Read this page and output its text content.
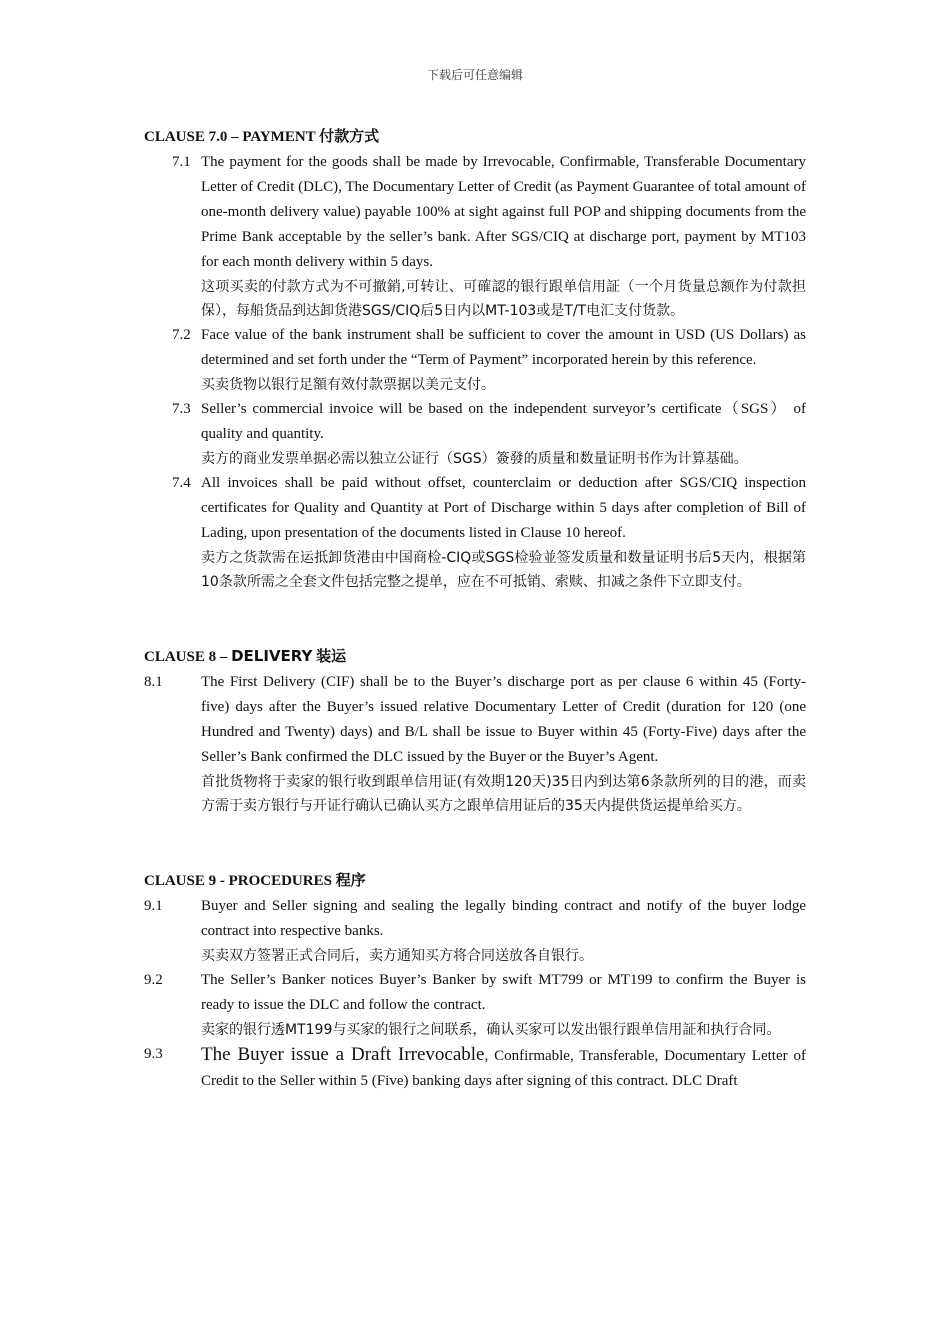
下载后可任意编辑

CLAUSE 7.0 – PAYMENT 付款方式

7.1 The payment for the goods shall be made by Irrevocable, Confirmable, Transferable Documentary Letter of Credit (DLC), The Documentary Letter of Credit (as Payment Guarantee of total amount of one-month delivery value) payable 100% at sight against full POP and shipping documents from the Prime Bank acceptable by the seller’s bank. After SGS/CIQ at discharge port, payment by MT103 for each month delivery within 5 days.

这项买卖的付款方式为不可撤銷,可转让、可確認的银行跟单信用証（一个月货量总额作为付款担保），每船货品到达卸货港SGS/CIQ后5日内以MT-103或是T/T电汇支付货款。

7.2 Face value of the bank instrument shall be sufficient to cover the amount in USD (US Dollars) as determined and set forth under the “Term of Payment” incorporated herein by this reference.

买卖货物以银行足額有效付款票据以美元支付。

7.3 Seller’s commercial invoice will be based on the independent surveyor’s certificate（SGS） of quality and quantity.

卖方的商业发票单据必需以独立公证行（SGS）簽發的质量和数量证明书作为计算基础。

7.4 All invoices shall be paid without offset, counterclaim or deduction after SGS/CIQ inspection certificates for Quality and Quantity at Port of Discharge within 5 days after completion of Bill of Lading, upon presentation of the documents listed in Clause 10 hereof.

卖方之货款需在运抵卸货港由中国商检-CIQ或SGS检验並签发质量和数量证明书后5天内，根据第10条款所需之全套文件包括完整之提单，应在不可抵销、索赎、扣减之条件下立即支付。

CLAUSE 8 – DELIVERY 装运

8.1	The First Delivery (CIF) shall be to the Buyer’s discharge port as per clause 6 within 45 (Forty- five) days after the Buyer’s issued relative Documentary Letter of Credit (duration for 120 (one Hundred and Twenty) days) and B/L shall be issue to Buyer within 45 (Forty-Five) days after the Seller’s Bank confirmed the DLC issued by the Buyer or the Buyer’s Agent.

首批货物将于卖家的银行收到跟单信用证(有效期120天)35日内到达第6条款所列的目的港，而卖方需于卖方银行与开证行确认已确认买方之跟单信用证后的35天内提供货运提单给买方。

CLAUSE 9 - PROCEDURES 程序

9.1	Buyer and Seller signing and sealing the legally binding contract and notify of the buyer lodge contract into respective banks.

买卖双方签署正式合同后，卖方通知买方将合同送放各自银行。

9.2	The Seller’s Banker notices Buyer’s Banker by swift MT799 or MT199 to confirm the Buyer is ready to issue the DLC and follow the contract.

卖家的银行透MT199与买家的银行之间联系，确认买家可以发出银行跟单信用証和执行合同。

9.3	The Buyer issue a Draft Irrevocable, Confirmable, Transferable, Documentary Letter of Credit to the Seller within 5 (Five) banking days after signing of this contract. DLC Draft
